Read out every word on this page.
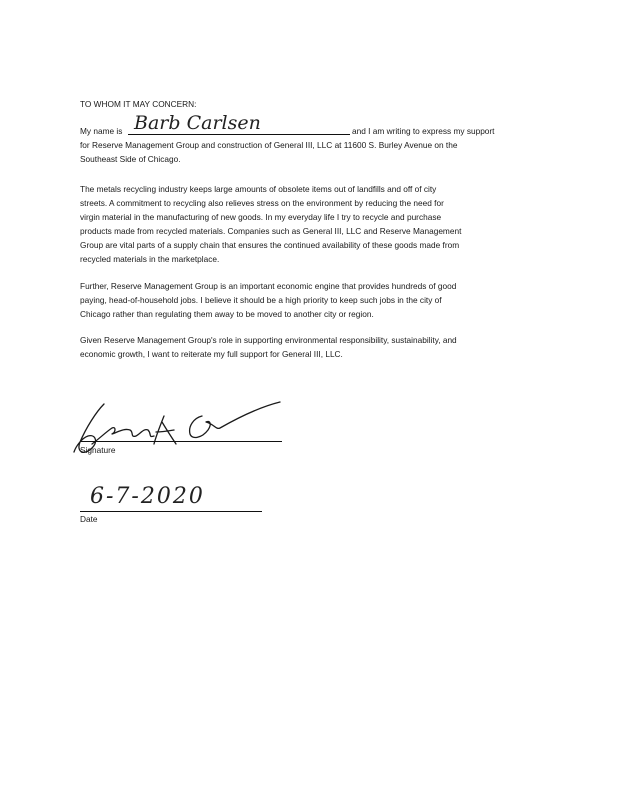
TO WHOM IT MAY CONCERN:
My name is Barb Carlsen	and I am writing to express my support
for Reserve Management Group and construction of General III, LLC at 11600 S. Burley Avenue on the
Southeast Side of Chicago.
The metals recycling industry keeps large amounts of obsolete items out of landfills and off of city
streets. A commitment to recycling also relieves stress on the environment by reducing the need for
virgin material in the manufacturing of new goods. In my everyday life I try to recycle and purchase
products made from recycled materials. Companies such as General III, LLC and Reserve Management
Group are vital parts of a supply chain that ensures the continued availability of these goods made from
recycled materials in the marketplace.
Further, Reserve Management Group is an important economic engine that provides hundreds of good
paying, head-of-household jobs. I believe it should be a high priority to keep such jobs in the city of
Chicago rather than regulating them away to be moved to another city or region.
Given Reserve Management Group's role in supporting environmental responsibility, sustainability, and
economic growth, I want to reiterate my full support for General III, LLC.
Signature
6-7-2020
Date
